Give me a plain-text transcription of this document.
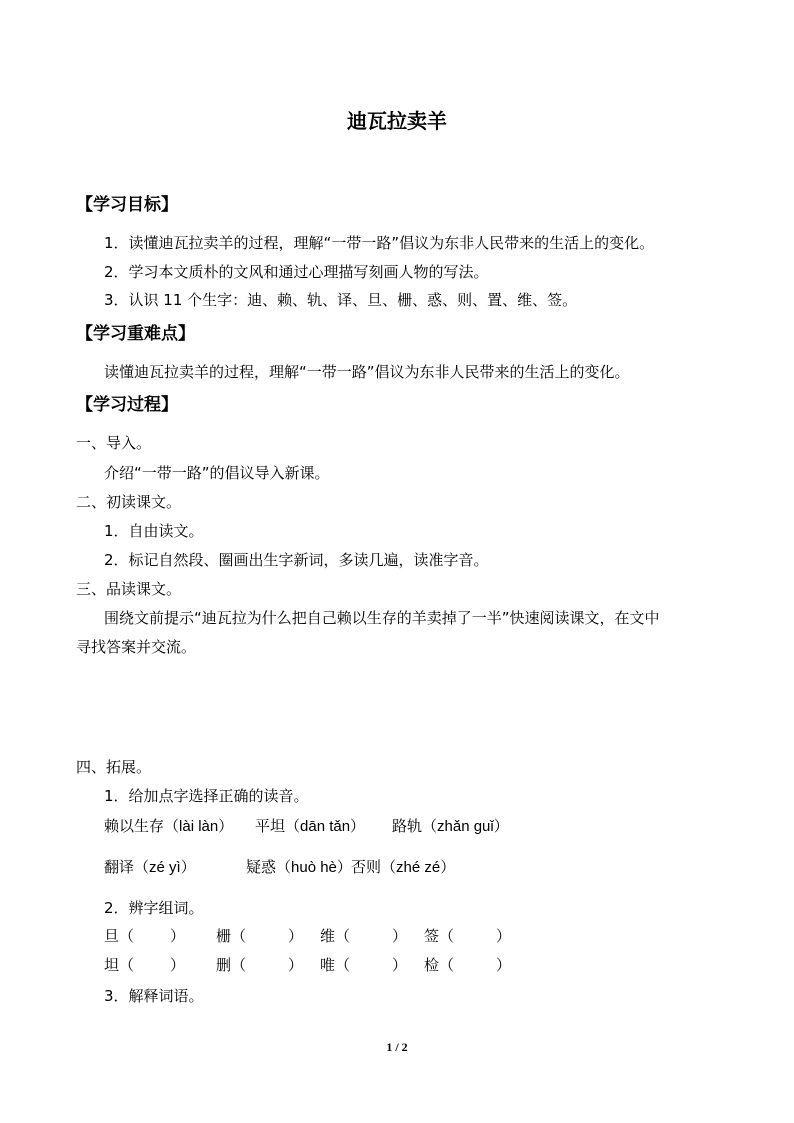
迪瓦拉卖羊
【学习目标】
1．读懂迪瓦拉卖羊的过程，理解“一带一路”倡议为东非人民带来的生活上的变化。
2．学习本文质朴的文风和通过心理描写刻画人物的写法。
3．认识 11 个生字：迪、赖、轨、译、旦、栅、惑、则、置、维、签。
【学习重难点】
读懂迪瓦拉卖羊的过程，理解“一带一路”倡议为东非人民带来的生活上的变化。
【学习过程】
一、导入。
介绍“一带一路”的倡议导入新课。
二、初读课文。
1．自由读文。
2．标记自然段、圈画出生字新词，多读几遍，读准字音。
三、品读课文。
围绕文前提示“迪瓦拉为什么把自己赖以生存的羊卖掉了一半”快速阅读课文，在文中
寻找答案并交流。
四、拓展。
1．给加点字选择正确的读音。
赖以生存（lài làn） 平坦（dān tǎn） 路轨（zhǎn guǐ）
翻译（zé yì）	疑惑（huò hè） 否则（zhé zé）
2．辨字组词。
旦（ ） 栅（	） 维（	） 签（	）
坦（ ） 删（	） 唯（	） 检（	）
3．解释词语。
1 / 2
